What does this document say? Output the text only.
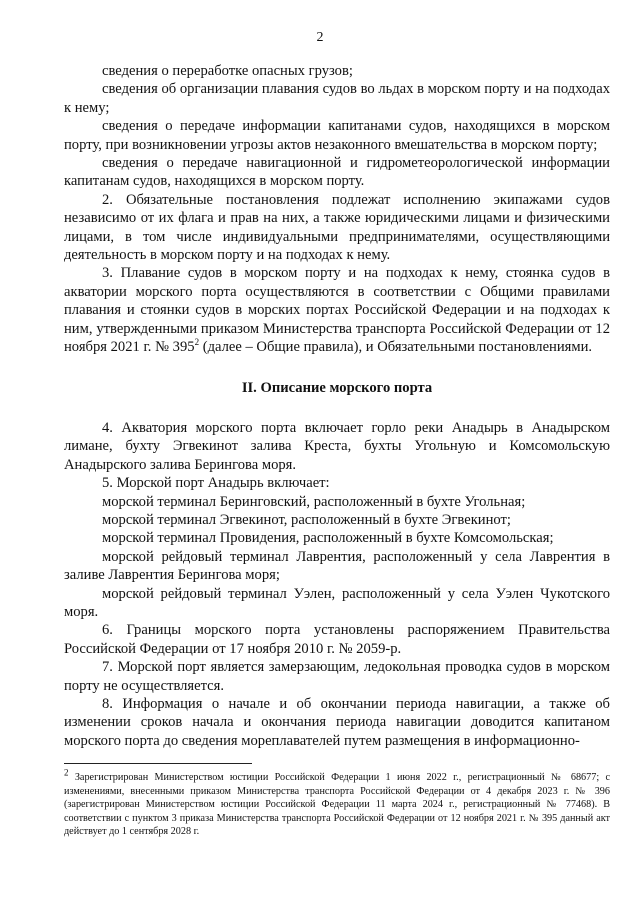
2

сведения о переработке опасных грузов;

сведения об организации плавания судов во льдах в морском порту и на подходах к нему;

сведения о передаче информации капитанами судов, находящихся в морском порту, при возникновении угрозы актов незаконного вмешательства в морском порту;

сведения о передаче навигационной и гидрометеорологической информации капитанам судов, находящихся в морском порту.

2. Обязательные постановления подлежат исполнению экипажами судов независимо от их флага и прав на них, а также юридическими лицами и физическими лицами, в том числе индивидуальными предпринимателями, осуществляющими деятельность в морском порту и на подходах к нему.

3. Плавание судов в морском порту и на подходах к нему, стоянка судов в акватории морского порта осуществляются в соответствии с Общими правилами плавания и стоянки судов в морских портах Российской Федерации и на подходах к ним, утвержденными приказом Министерства транспорта Российской Федерации от 12 ноября 2021 г. № $395^2$ (далее – Общие правила), и Обязательными постановлениями.

II. Описание морского порта

4. Акватория морского порта включает горло реки Анадырь в Анадырском лимане, бухту Эгвекинот залива Креста, бухты Угольную и Комсомольскую Анадырского залива Берингова моря.

5. Морской порт Анадырь включает:

морской терминал Беринговский, расположенный в бухте Угольная;

морской терминал Эгвекинот, расположенный в бухте Эгвекинот;

морской терминал Провидения, расположенный в бухте Комсомольская;

морской рейдовый терминал Лаврентия, расположенный у села Лаврентия в заливе Лаврентия Берингова моря;

морской рейдовый терминал Уэлен, расположенный у села Уэлен Чукотского моря.

6. Границы морского порта установлены распоряжением Правительства Российской Федерации от 17 ноября 2010 г. № 2059-р.

7. Морской порт является замерзающим, ледокольная проводка судов в морском порту не осуществляется.

8. Информация о начале и об окончании периода навигации, а также об изменении сроков начала и окончания периода навигации доводится капитаном морского порта до сведения мореплавателей путем размещения в информационно-

$^2$ Зарегистрирован Министерством юстиции Российской Федерации 1 июня 2022 г., регистрационный № 68677; с изменениями, внесенными приказом Министерства транспорта Российской Федерации от 4 декабря 2023 г. № 396 (зарегистрирован Министерством юстиции Российской Федерации 11 марта 2024 г., регистрационный № 77468). В соответствии с пунктом 3 приказа Министерства транспорта Российской Федерации от 12 ноября 2021 г. № 395 данный акт действует до 1 сентября 2028 г.
